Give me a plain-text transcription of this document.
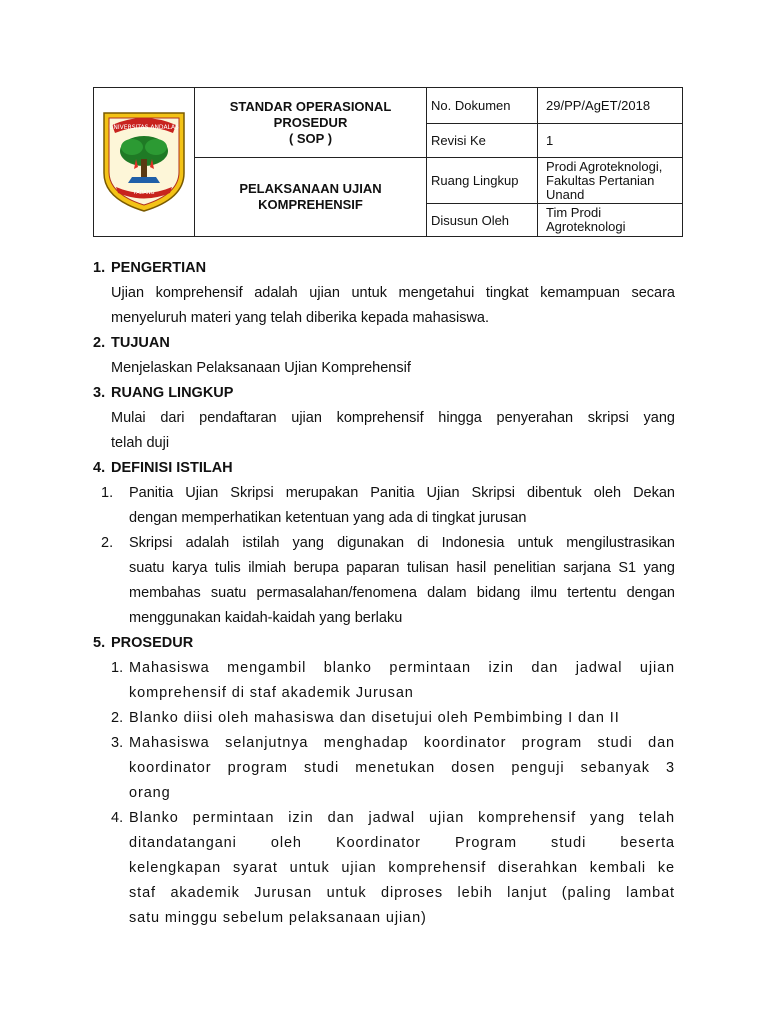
UNIVERSITAS ANDALAS
PADANG	STANDAR OPERASIONAL
PROSEDUR
( SOP )	No. Dokumen	29/PP/AgET/2018
		Revisi Ke	1
	PELAKSANAAN UJIAN
KOMPREHENSIF	Ruang Lingkup	Prodi Agroteknologi,
Fakultas Pertanian
Unand
		Disusun Oleh	Tim Prodi
Agroteknologi
1. PENGERTIAN
Ujian komprehensif adalah ujian untuk mengetahui tingkat kemampuan secara
menyeluruh materi yang telah diberika kepada mahasiswa.
2. TUJUAN
Menjelaskan Pelaksanaan Ujian Komprehensif
3. RUANG LINGKUP
Mulai dari pendaftaran ujian komprehensif hingga penyerahan skripsi yang
telah duji
4. DEFINISI ISTILAH
1. Panitia Ujian Skripsi merupakan Panitia Ujian Skripsi dibentuk oleh Dekan
dengan memperhatikan ketentuan yang ada di tingkat jurusan
2. Skripsi adalah istilah yang digunakan di Indonesia untuk mengilustrasikan
suatu karya tulis ilmiah berupa paparan tulisan hasil penelitian sarjana S1 yang
membahas suatu permasalahan/fenomena dalam bidang ilmu tertentu dengan
menggunakan kaidah-kaidah yang berlaku
5. PROSEDUR
1. Mahasiswa mengambil blanko permintaan izin dan jadwal ujian
komprehensif di staf akademik Jurusan
2. Blanko diisi oleh mahasiswa dan disetujui oleh Pembimbing I dan II
3. Mahasiswa selanjutnya menghadap koordinator program studi dan
koordinator program studi menetukan dosen penguji sebanyak 3
orang
4. Blanko permintaan izin dan jadwal ujian komprehensif yang telah
ditandatangani oleh Koordinator Program studi beserta
kelengkapan syarat untuk ujian komprehensif diserahkan kembali ke
staf akademik Jurusan untuk diproses lebih lanjut (paling lambat
satu minggu sebelum pelaksanaan ujian)
